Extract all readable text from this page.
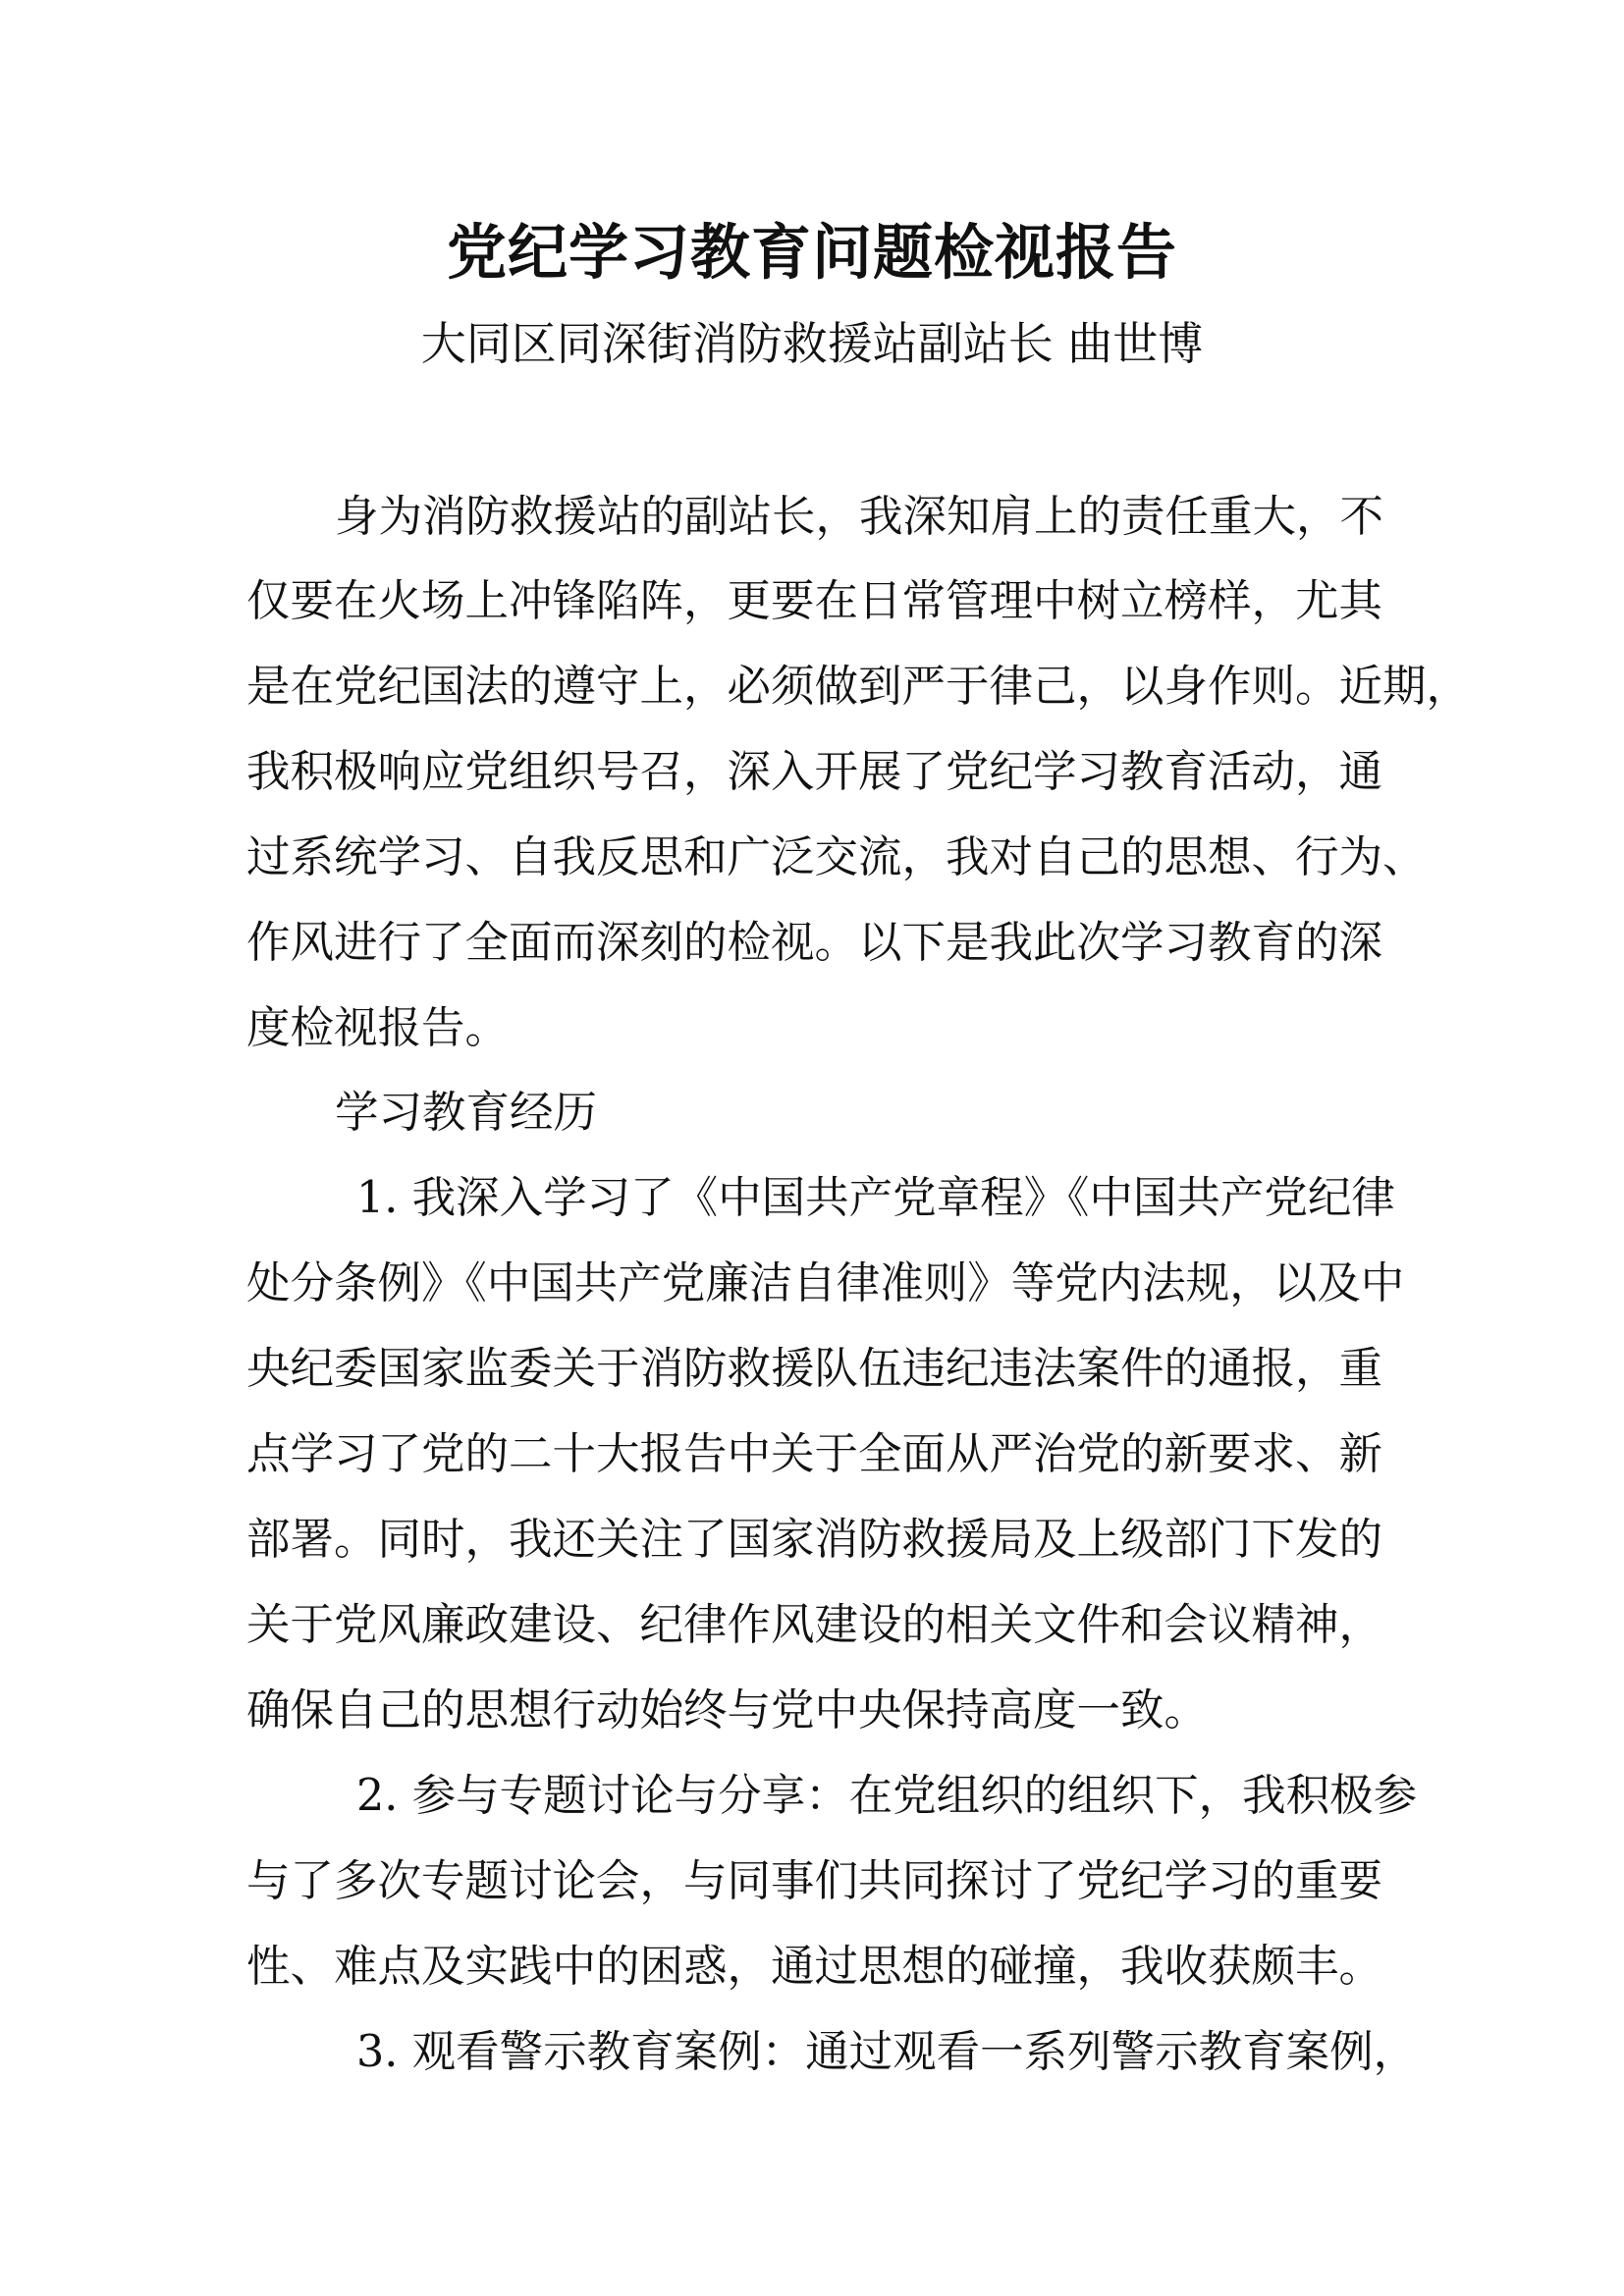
党纪学习教育问题检视报告
大同区同深街消防救援站副站长 曲世博
身为消防救援站的副站长，我深知肩上的责任重大，不
仅要在火场上冲锋陷阵，更要在日常管理中树立榜样，尤其
是在党纪国法的遵守上，必须做到严于律己，以身作则。近期，
我积极响应党组织号召，深入开展了党纪学习教育活动，通
过系统学习、自我反思和广泛交流，我对自己的思想、行为、
作风进行了全面而深刻的检视。以下是我此次学习教育的深
度检视报告。
学习教育经历
1. 我深入学习了《中国共产党章程》《中国共产党纪律
处分条例》《中国共产党廉洁自律准则》等党内法规，以及中
央纪委国家监委关于消防救援队伍违纪违法案件的通报，重
点学习了党的二十大报告中关于全面从严治党的新要求、新
部署。同时，我还关注了国家消防救援局及上级部门下发的
关于党风廉政建设、纪律作风建设的相关文件和会议精神，
确保自己的思想行动始终与党中央保持高度一致。
2. 参与专题讨论与分享：在党组织的组织下，我积极参
与了多次专题讨论会，与同事们共同探讨了党纪学习的重要
性、难点及实践中的困惑，通过思想的碰撞，我收获颇丰。
3. 观看警示教育案例：通过观看一系列警示教育案例，
